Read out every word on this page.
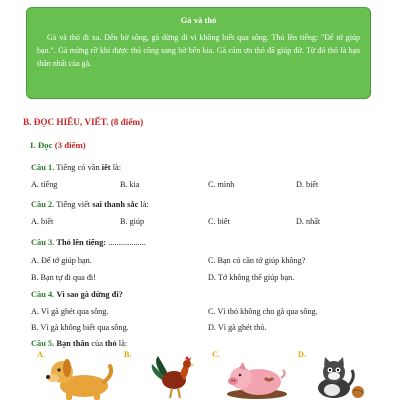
Gà và thỏ

Gà và thỏ đi xa. Đến bờ sông, gà dừng đi vì không biết qua sông. Thỏ lên tiếng: "Để tớ giúp bạn.". Gà mừng rỡ khi được thỏ cõng sang bờ bên kia. Gà cảm ơn thỏ đã giúp đỡ. Từ đó thỏ là bạn thân nhất của gà.

B. ĐỌC HIỂU, VIẾT. (8 điểm)
I. Đọc (3 điểm)
Câu 1. Tiếng có vần iêt là:
A. tiếng	B. kia	C. mình	D. biết
Câu 2. Tiếng viết sai thanh sắc là:
A. biết	B. giúp	C. biêt	D. nhất
Câu 3. Thỏ lên tiếng: ..................
A. Để tớ giúp bạn.	C. Bạn có cần tớ giúp không?
B. Bạn tự đi qua đi!	D. Tớ không thể giúp bạn.
Câu 4. Vì sao gà dừng đi?
A. Vì gà ghét qua sông.	C. Vì thỏ không cho gà qua sông.
B. Vì gà không biết qua sông.	D. Vì gà ghét thỏ.
Câu 5. Bạn thân của thỏ là:
A.	B.	C.	D.
